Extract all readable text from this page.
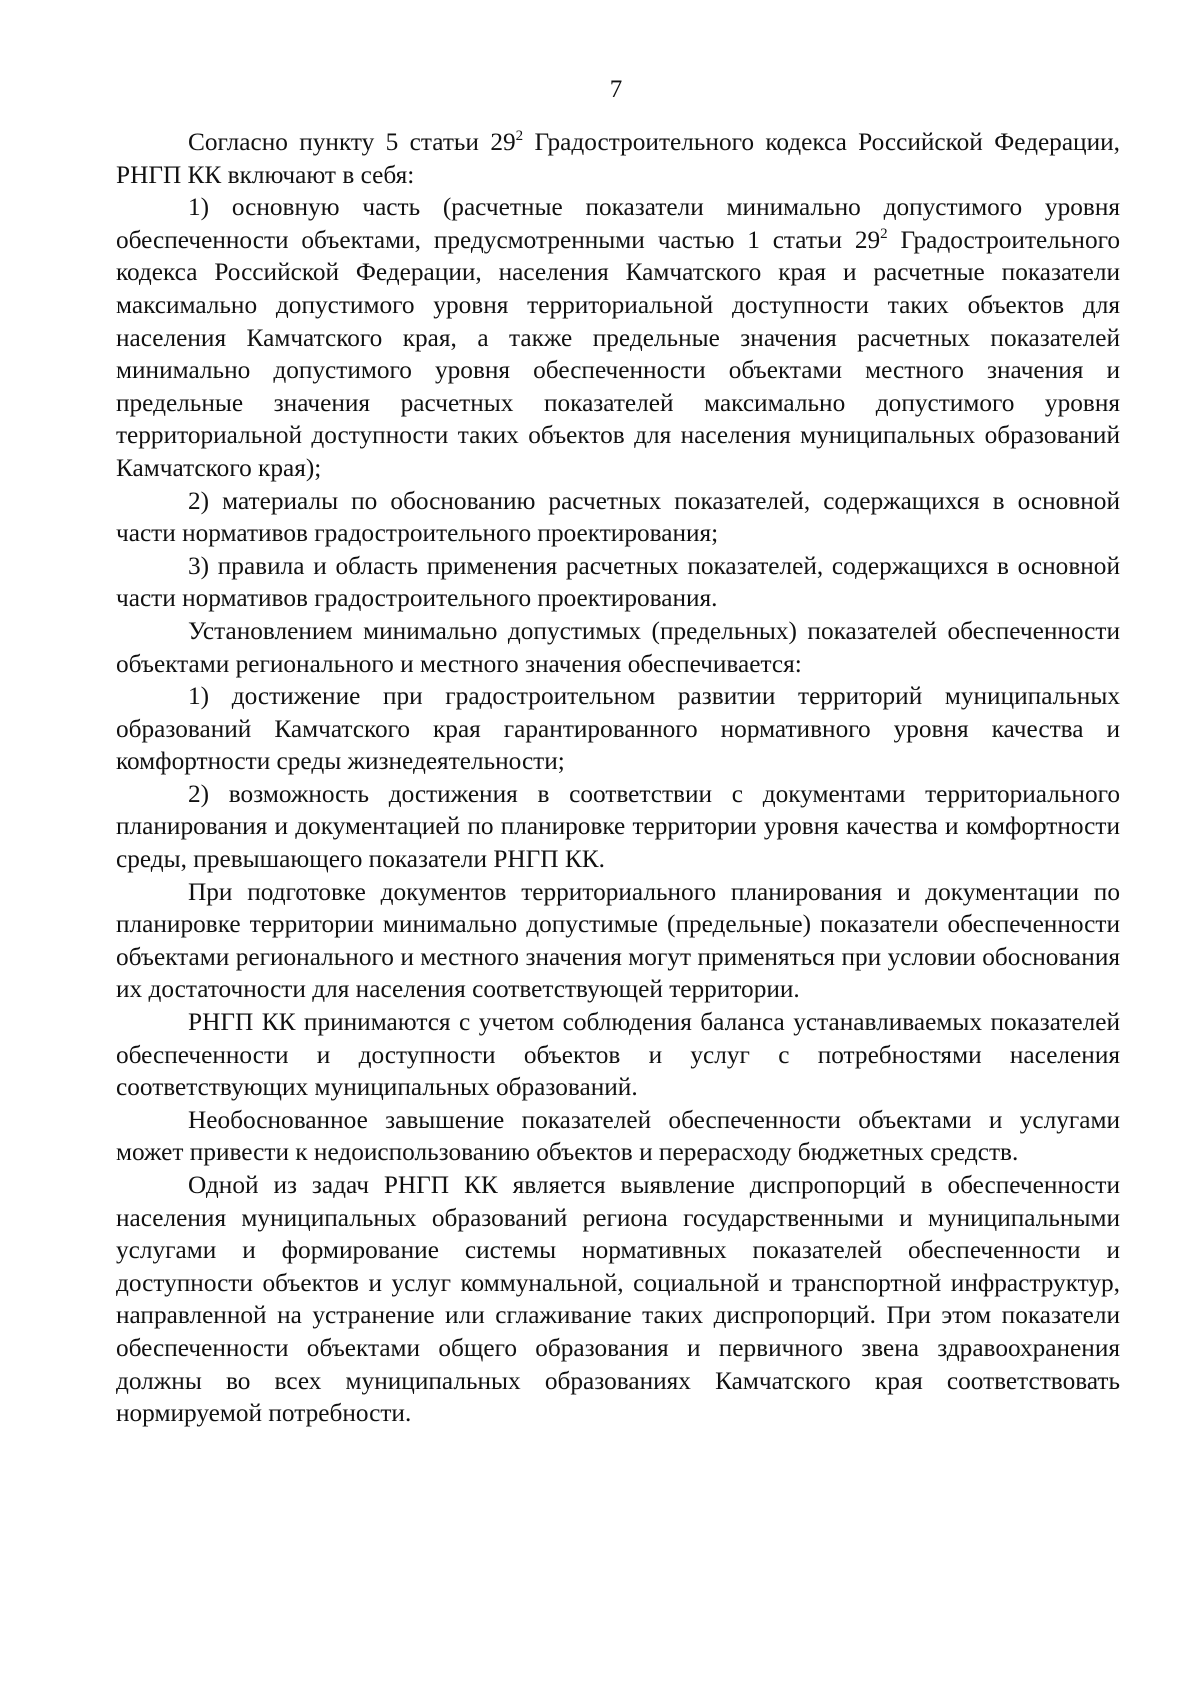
7

Согласно пункту 5 статьи $29^2$ Градостроительного кодекса Российской Федерации, РНГП КК включают в себя:

1) основную часть (расчетные показатели минимально допустимого уровня обеспеченности объектами, предусмотренными частью 1 статьи $29^2$ Градостроительного кодекса Российской Федерации, населения Камчатского края и расчетные показатели максимально допустимого уровня территориальной доступности таких объектов для населения Камчатского края, а также предельные значения расчетных показателей минимально допустимого уровня обеспеченности объектами местного значения и предельные значения расчетных показателей максимально допустимого уровня территориальной доступности таких объектов для населения муниципальных образований Камчатского края);

2) материалы по обоснованию расчетных показателей, содержащихся в основной части нормативов градостроительного проектирования;

3) правила и область применения расчетных показателей, содержащихся в основной части нормативов градостроительного проектирования.

Установлением минимально допустимых (предельных) показателей обеспеченности объектами регионального и местного значения обеспечивается:

1) достижение при градостроительном развитии территорий муниципальных образований Камчатского края гарантированного нормативного уровня качества и комфортности среды жизнедеятельности;

2) возможность достижения в соответствии с документами территориального планирования и документацией по планировке территории уровня качества и комфортности среды, превышающего показатели РНГП КК.

При подготовке документов территориального планирования и документации по планировке территории минимально допустимые (предельные) показатели обеспеченности объектами регионального и местного значения могут применяться при условии обоснования их достаточности для населения соответствующей территории.

РНГП КК принимаются с учетом соблюдения баланса устанавливаемых показателей обеспеченности и доступности объектов и услуг с потребностями населения соответствующих муниципальных образований.

Необоснованное завышение показателей обеспеченности объектами и услугами может привести к недоиспользованию объектов и перерасходу бюджетных средств.

Одной из задач РНГП КК является выявление диспропорций в обеспеченности населения муниципальных образований региона государственными и муниципальными услугами и формирование системы нормативных показателей обеспеченности и доступности объектов и услуг коммунальной, социальной и транспортной инфраструктур, направленной на устранение или сглаживание таких диспропорций. При этом показатели обеспеченности объектами общего образования и первичного звена здравоохранения должны во всех муниципальных образованиях Камчатского края соответствовать нормируемой потребности.
